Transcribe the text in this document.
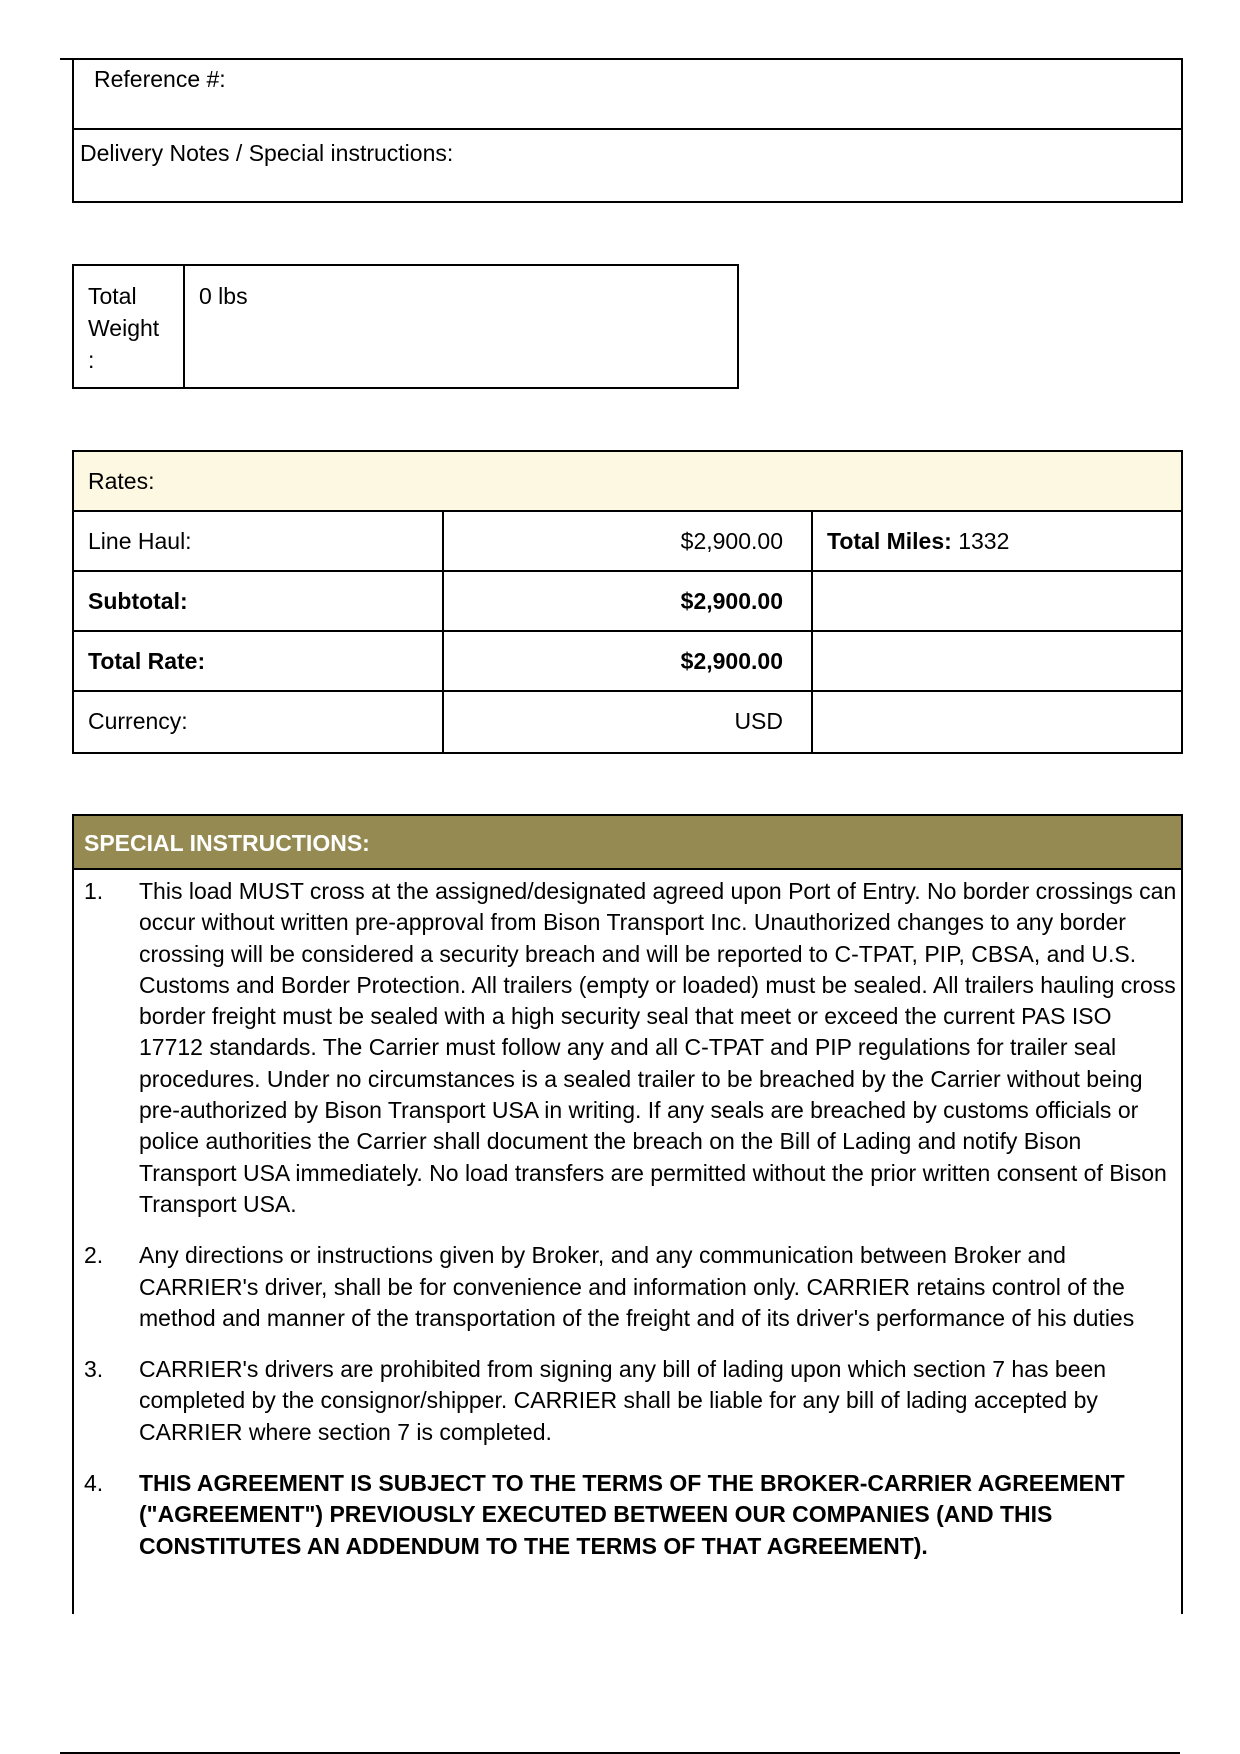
Reference #:
Delivery Notes / Special instructions:
Total Weight :
0 lbs
Rates:
Line Haul:	$2,900.00	Total Miles: 1332
Subtotal:	$2,900.00
Total Rate:	$2,900.00
Currency:	USD
SPECIAL INSTRUCTIONS:
1.	This load MUST cross at the assigned/designated agreed upon Port of Entry. No border crossings can occur without written pre-approval from Bison Transport Inc. Unauthorized changes to any border crossing will be considered a security breach and will be reported to C-TPAT, PIP, CBSA, and U.S. Customs and Border Protection. All trailers (empty or loaded) must be sealed. All trailers hauling cross border freight must be sealed with a high security seal that meet or exceed the current PAS ISO 17712 standards. The Carrier must follow any and all C-TPAT and PIP regulations for trailer seal procedures. Under no circumstances is a sealed trailer to be breached by the Carrier without being pre-authorized by Bison Transport USA in writing. If any seals are breached by customs officials or police authorities the Carrier shall document the breach on the Bill of Lading and notify Bison Transport USA immediately. No load transfers are permitted without the prior written consent of Bison Transport USA.
2.	Any directions or instructions given by Broker, and any communication between Broker and CARRIER's driver, shall be for convenience and information only. CARRIER retains control of the method and manner of the transportation of the freight and of its driver's performance of his duties
3.	CARRIER's drivers are prohibited from signing any bill of lading upon which section 7 has been completed by the consignor/shipper. CARRIER shall be liable for any bill of lading accepted by CARRIER where section 7 is completed.
4.	THIS AGREEMENT IS SUBJECT TO THE TERMS OF THE BROKER-CARRIER AGREEMENT ("AGREEMENT") PREVIOUSLY EXECUTED BETWEEN OUR COMPANIES (AND THIS CONSTITUTES AN ADDENDUM TO THE TERMS OF THAT AGREEMENT).
